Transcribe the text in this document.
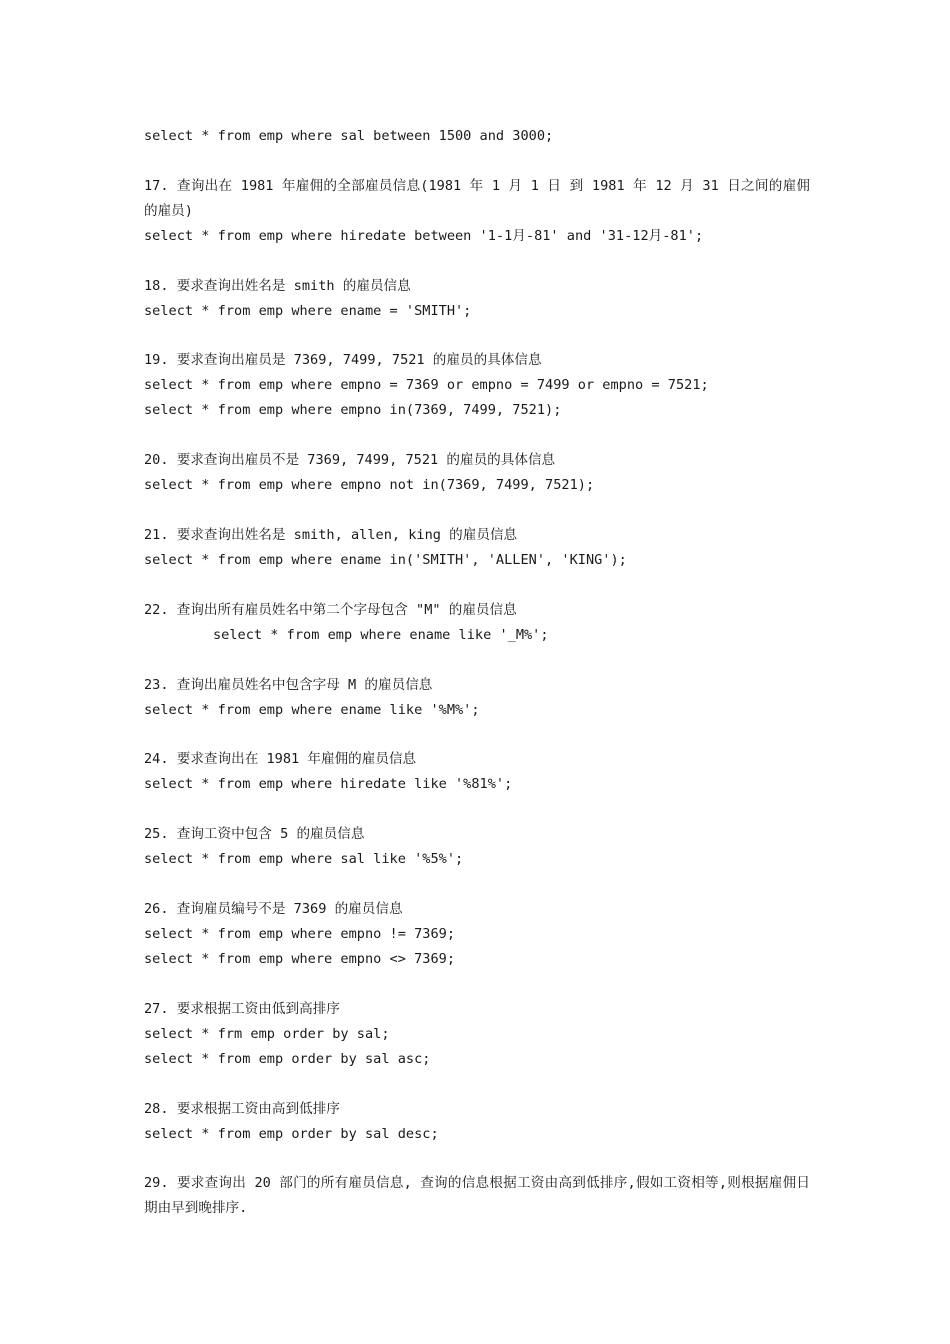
select * from emp where sal between 1500 and 3000;
17. 查询出在 1981 年雇佣的全部雇员信息(1981 年 1 月 1 日 到 1981 年 12 月 31 日之间的雇佣的雇员)
select * from emp where hiredate between '1-1月-81' and '31-12月-81';
18. 要求查询出姓名是 smith 的雇员信息
select * from emp where ename = 'SMITH';
19. 要求查询出雇员是 7369, 7499, 7521 的雇员的具体信息
select * from emp where empno = 7369 or empno = 7499 or empno = 7521;
select * from emp where empno in(7369, 7499, 7521);
20. 要求查询出雇员不是 7369, 7499, 7521 的雇员的具体信息
select * from emp where empno not in(7369, 7499, 7521);
21. 要求查询出姓名是 smith, allen, king 的雇员信息
select * from emp where ename in('SMITH', 'ALLEN', 'KING');
22. 查询出所有雇员姓名中第二个字母包含 "M" 的雇员信息
select * from emp where ename like '_M%';
23. 查询出雇员姓名中包含字母 M 的雇员信息
select * from emp where ename like '%M%';
24. 要求查询出在 1981 年雇佣的雇员信息
select * from emp where hiredate like '%81%';
25. 查询工资中包含 5 的雇员信息
select * from emp where sal like '%5%';
26. 查询雇员编号不是 7369 的雇员信息
select * from emp where empno != 7369;
select * from emp where empno <> 7369;
27. 要求根据工资由低到高排序
select * frm emp order by sal;
select * from emp order by sal asc;
28. 要求根据工资由高到低排序
select * from emp order by sal desc;
29. 要求查询出 20 部门的所有雇员信息, 查询的信息根据工资由高到低排序,假如工资相等,则根据雇佣日期由早到晚排序.
